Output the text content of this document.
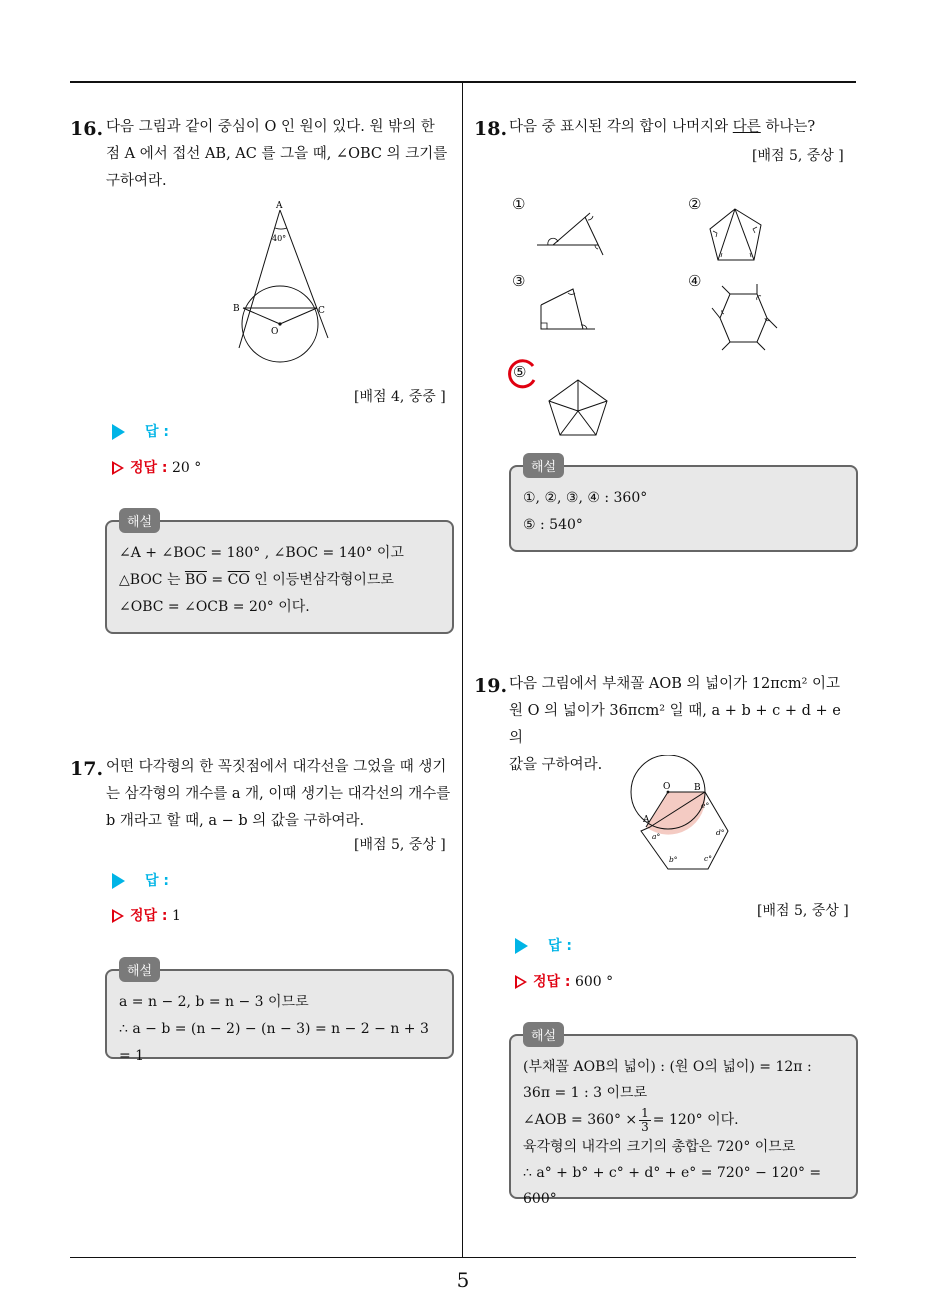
16. 다음 그림과 같이 중심이 O 인 원이 있다. 원 밖의 한
점 A 에서 접선 AB, AC 를 그을 때, ∠OBC 의 크기를
구하여라.
A
40°
B	C
O
[배점 4, 중중 ]
답 :
정답 : 20 °
해설
∠A + ∠BOC = 180° , ∠BOC = 140° 이고
△BOC 는 $\overline{BO} = \overline{CO}$ 인 이등변삼각형이므로
∠OBC = ∠OCB = 20° 이다.
17. 어떤 다각형의 한 꼭짓점에서 대각선을 그었을 때 생기
는 삼각형의 개수를 a 개, 이때 생기는 대각선의 개수를
b 개라고 할 때, a − b 의 값을 구하여라.
[배점 5, 중상 ]
답 :
정답 : 1
해설
a = n − 2, b = n − 3 이므로
∴ a − b = (n − 2) − (n − 3) = n − 2 − n + 3 = 1
18. 다음 중 표시된 각의 합이 나머지와 다른 하나는?
[배점 5, 중상 ]
①	②
③	④
⑤
해설
①, ②, ③, ④ : 360°
⑤ : 540°
19. 다음 그림에서 부채꼴 AOB 의 넓이가 12πcm² 이고
원 O 의 넓이가 36πcm² 일 때, a + b + c + d + e 의
값을 구하여라.
O	B
A
e°
a°	d°
b°	c°
[배점 5, 중상 ]
답 :
정답 : 600 °
해설
(부채꼴 AOB의 넓이) : (원 O의 넓이) = 12π :
36π = 1 : 3 이므로
∠AOB = $360^\circ \times \frac{1}{3} = 120^\circ$ 이다.
육각형의 내각의 크기의 총합은 720° 이므로
∴ a° + b° + c° + d° + e° = 720° − 120° = 600°
5
